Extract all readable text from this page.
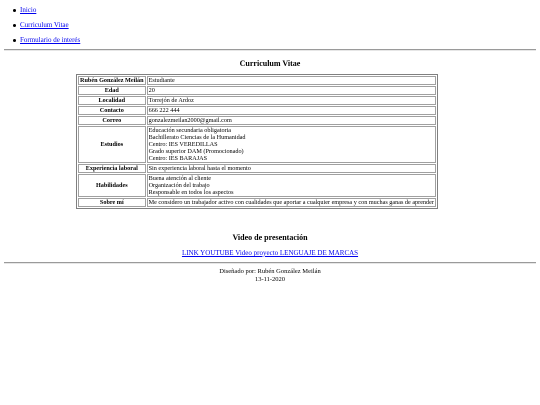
Inicio
Curriculum Vitae
Formulario de interés
Curriculum Vitae
Rubén González Meilán	Estudiante

Edad	20

Localidad	Torrejón de Ardoz

Contacto	666 222 444

Correo	gonzalezmeilan2000@gmail.com

Estudios	Educación secundaria obligatoria
Bachillerato Ciencias de la Humanidad
Centro: IES VEREDILLAS
Grado superior DAM (Promocionado)
Centro: IES BARAJAS

Experiencia laboral	Sin experiencia laboral hasta el momento

Habilidades	Buena atención al cliente
Organización del trabajo
Responsable en todos los aspectos

Sobre mí	Me considero un trabajador activo con cualidades que aportar a cualquier empresa y con muchas ganas de aprender
Video de presentación
LINK YOUTUBE Video proyecto LENGUAJE DE MARCAS
Diseñado por: Rubén González Meilán
13-11-2020
